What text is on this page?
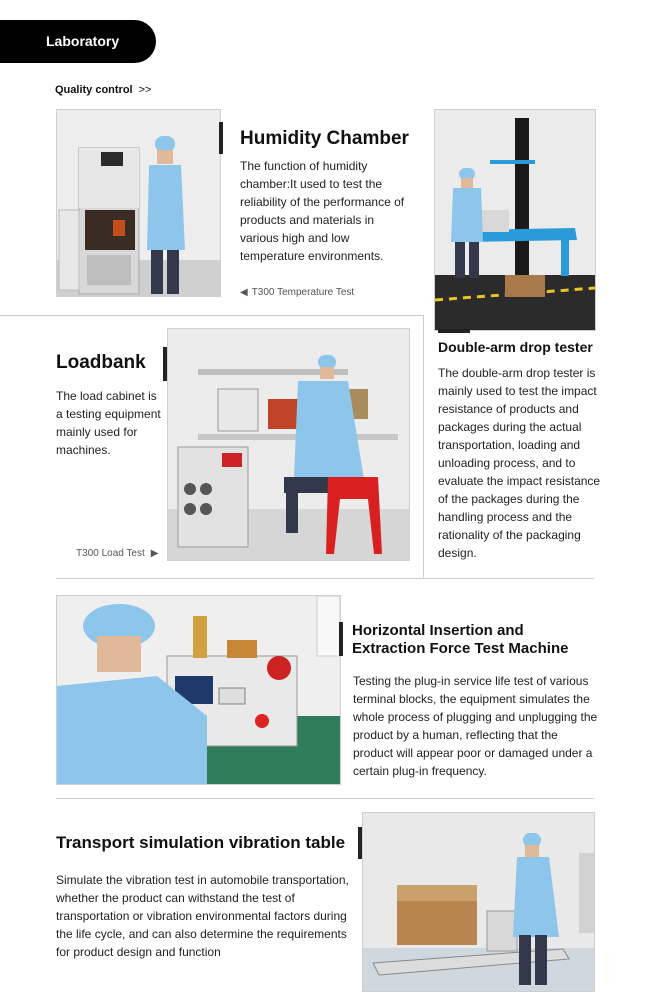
Laboratory
Quality control >>
Humidity Chamber
The function of humidity chamber:It used to test the reliability of the performance of products and materials in various high and low temperature environments.
◀ T300 Temperature Test
Double-arm drop tester
The double-arm drop tester is mainly used to test the impact resistance of products and packages during the actual transportation, loading and unloading process, and to evaluate the impact resistance of the packages during the handling process and the rationality of the packaging design.
Loadbank
The load cabinet is a testing equipment mainly used for machines.
T300 Load Test ▶
Horizontal Insertion and Extraction Force Test Machine
Testing the plug-in service life test of various terminal blocks, the equipment simulates the whole process of plugging and unplugging the product by a human, reflecting that the product will appear poor or damaged under a certain plug-in frequency.
Transport simulation vibration table
Simulate the vibration test in automobile transportation, whether the product can withstand the test of transportation or vibration environmental factors during the life cycle, and can also determine the requirements for product design and function
